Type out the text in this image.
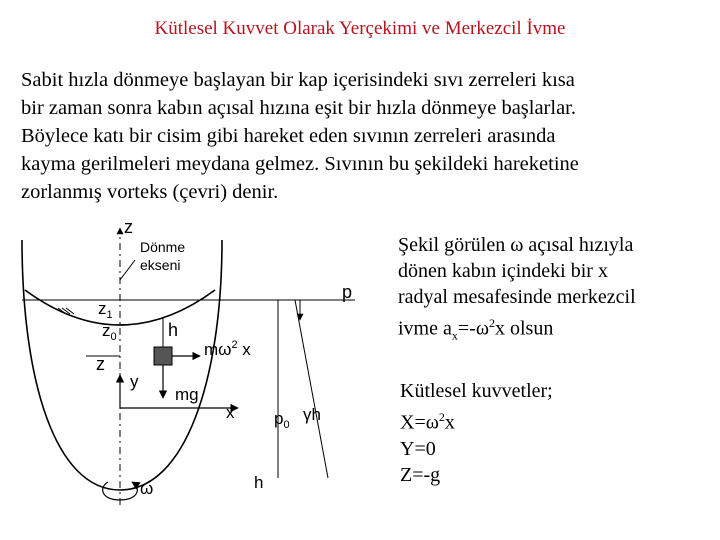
Kütlesel Kuvvet Olarak Yerçekimi ve Merkezcil İvme
Sabit hızla dönmeye başlayan bir kap içerisindeki sıvı zerreleri kısa
bir zaman sonra kabın açısal hızına eşit bir hızla dönmeye başlarlar.
Böylece katı bir cisim gibi hareket eden sıvının zerreleri arasında
kayma gerilmeleri meydana gelmez. Sıvının bu şekildeki hareketine
zorlanmış vorteks (çevri) denir.
Şekil görülen ω açısal hızıyla
dönen kabın içindeki bir x
radyal mesafesinde merkezcil
ivme $a_x=-\omega^2x$ olsun
Kütlesel kuvvetler;
$X=\omega^2x$
Y=0
Z=-g
z
Dönme
ekseni
p
$z_1$
$z_0$	h
z
$m\omega^2$ x
y
mg
x $p_0$
γh
h
ω
